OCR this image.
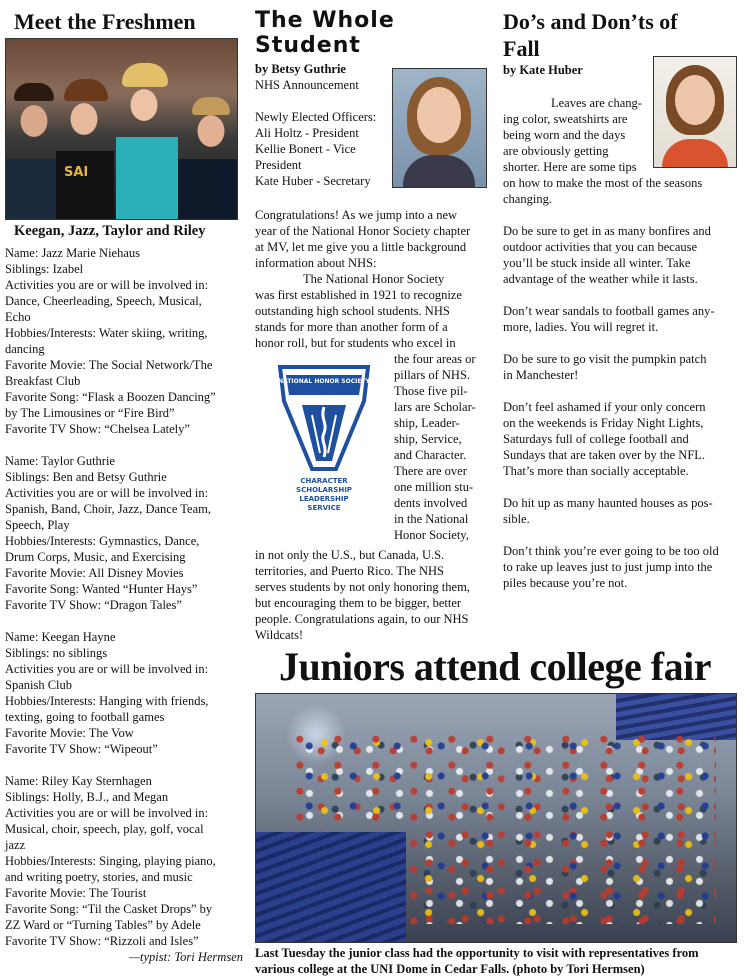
Meet the Freshmen
SAI
Keegan, Jazz, Taylor and Riley
Name: Jazz Marie Niehaus
Siblings: Izabel
Activities you are or will be involved in:
Dance, Cheerleading, Speech, Musical,
Echo
Hobbies/Interests: Water skiing, writing,
dancing
Favorite Movie: The Social Network/The
Breakfast Club
Favorite Song: “Flask a Boozen Dancing”
by The Limousines or “Fire Bird”
Favorite TV Show: “Chelsea Lately”
Name: Taylor Guthrie
Siblings: Ben and Betsy Guthrie
Activities you are or will be involved in:
Spanish, Band, Choir, Jazz, Dance Team,
Speech, Play
Hobbies/Interests: Gymnastics, Dance,
Drum Corps, Music, and Exercising
Favorite Movie: All Disney Movies
Favorite Song: Wanted “Hunter Hays”
Favorite TV Show: “Dragon Tales”
Name: Keegan Hayne
Siblings: no siblings
Activities you are or will be involved in:
Spanish Club
Hobbies/Interests: Hanging with friends,
texting, going to football games
Favorite Movie: The Vow
Favorite TV Show: “Wipeout”
Name: Riley Kay Sternhagen
Siblings: Holly, B.J., and Megan
Activities you are or will be involved in:
Musical, choir, speech, play, golf, vocal
jazz
Hobbies/Interests: Singing, playing piano,
and writing poetry, stories, and music
Favorite Movie: The Tourist
Favorite Song: “Til the Casket Drops” by
ZZ Ward or “Turning Tables” by Adele
Favorite TV Show: “Rizzoli and Isles”
—typist: Tori Hermsen
The Whole
Student
by Betsy Guthrie
NHS Announcement
Newly Elected Officers:
Ali Holtz - President
Kellie Bonert - Vice
President
Kate Huber - Secretary
Congratulations! As we jump into a new
year of the National Honor Society chapter
at MV, let me give you a little background
information about NHS:
The National Honor Society
was first established in 1921 to recognize
outstanding high school students. NHS
stands for more than another form of a
honor roll, but for students who excel in
the four areas or
pillars of NHS.
Those five pil-
lars are Scholar-
ship, Leader-
ship, Service,
and Character.
There are over
one million stu-
dents involved
in the National
Honor Society,
NATIONAL HONOR SOCIETY
CHARACTER
SCHOLARSHIP
LEADERSHIP
SERVICE
in not only the U.S., but Canada, U.S.
territories, and Puerto Rico. The NHS
serves students by not only honoring them,
but encouraging them to be bigger, better
people. Congratulations again, to our NHS
Wildcats!
Do’s and Don’ts of
Fall
by Kate Huber
Leaves are chang-
ing color, sweatshirts are
being worn and the days
are obviously getting
shorter. Here are some tips
on how to make the most of the seasons
changing.
Do be sure to get in as many bonfires and
outdoor activities that you can because
you’ll be stuck inside all winter. Take
advantage of the weather while it lasts.
Don’t wear sandals to football games any-
more, ladies. You will regret it.
Do be sure to go visit the pumpkin patch
in Manchester!
Don’t feel ashamed if your only concern
on the weekends is Friday Night Lights,
Saturdays full of college football and
Sundays that are taken over by the NFL.
That’s more than socially acceptable.
Do hit up as many haunted houses as pos-
sible.
Don’t think you’re ever going to be too old
to rake up leaves just to just jump into the
piles because you’re not.
Juniors attend college fair
Last Tuesday the junior class had the opportunity to visit with representatives from
various college at the UNI Dome in Cedar Falls. (photo by Tori Hermsen)
